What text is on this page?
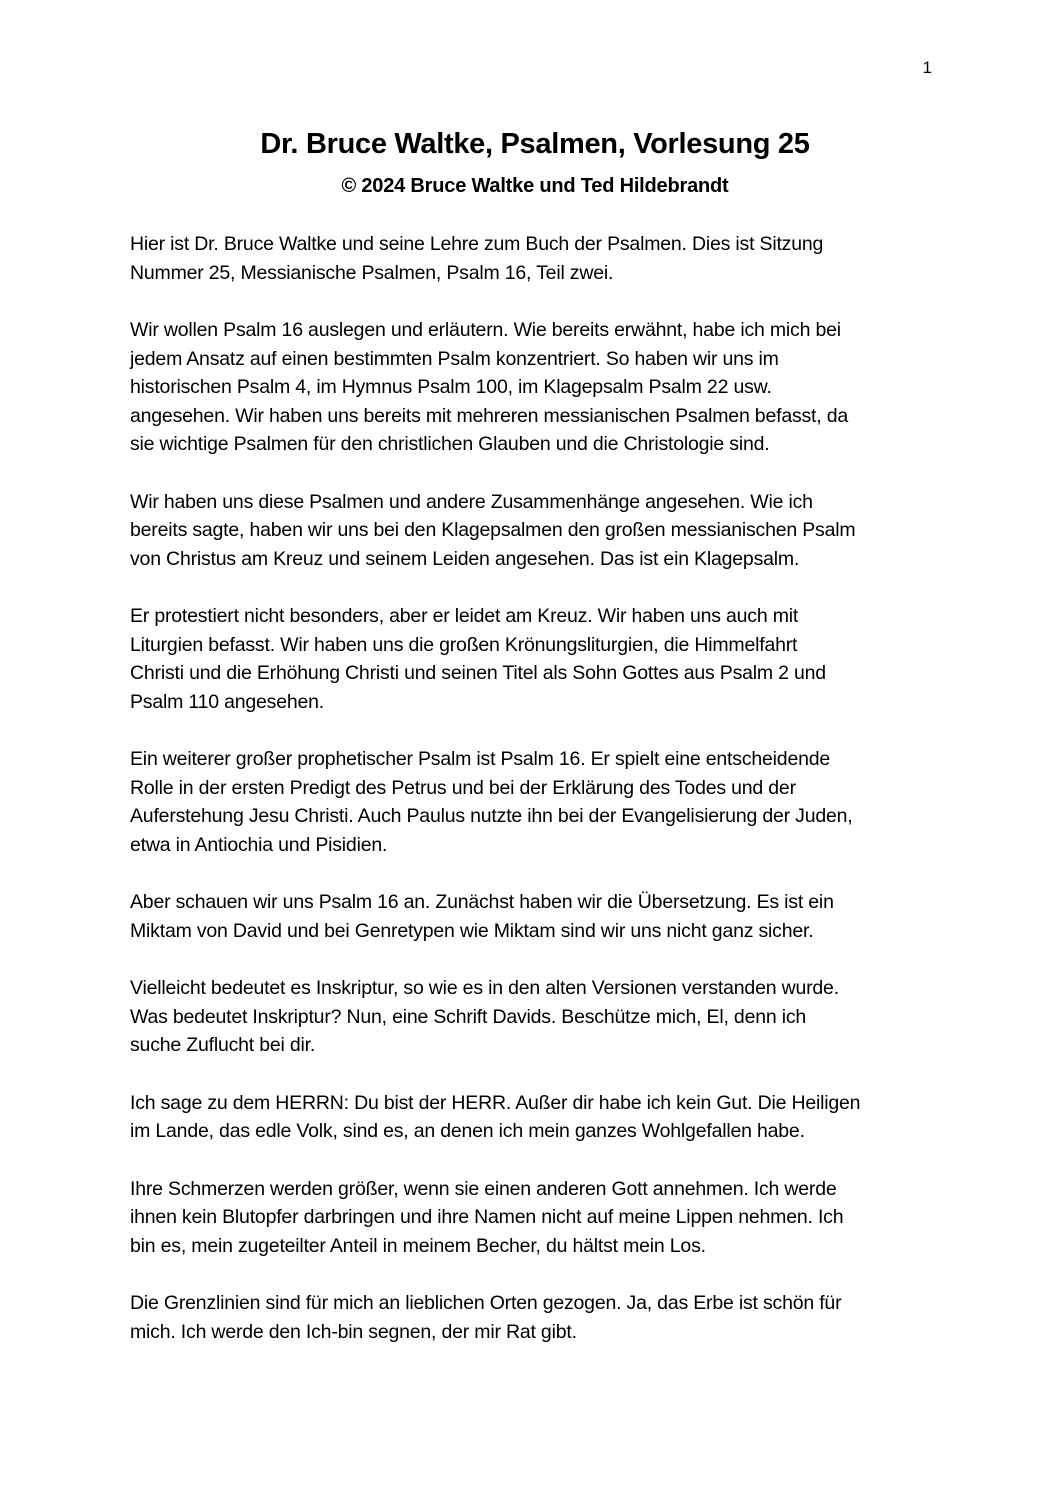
1
Dr. Bruce Waltke, Psalmen, Vorlesung 25
© 2024 Bruce Waltke und Ted Hildebrandt

Hier ist Dr. Bruce Waltke und seine Lehre zum Buch der Psalmen. Dies ist Sitzung
Nummer 25, Messianische Psalmen, Psalm 16, Teil zwei.

Wir wollen Psalm 16 auslegen und erläutern. Wie bereits erwähnt, habe ich mich bei
jedem Ansatz auf einen bestimmten Psalm konzentriert. So haben wir uns im
historischen Psalm 4, im Hymnus Psalm 100, im Klagepsalm Psalm 22 usw.
angesehen. Wir haben uns bereits mit mehreren messianischen Psalmen befasst, da
sie wichtige Psalmen für den christlichen Glauben und die Christologie sind.

Wir haben uns diese Psalmen und andere Zusammenhänge angesehen. Wie ich
bereits sagte, haben wir uns bei den Klagepsalmen den großen messianischen Psalm
von Christus am Kreuz und seinem Leiden angesehen. Das ist ein Klagepsalm.

Er protestiert nicht besonders, aber er leidet am Kreuz. Wir haben uns auch mit
Liturgien befasst. Wir haben uns die großen Krönungsliturgien, die Himmelfahrt
Christi und die Erhöhung Christi und seinen Titel als Sohn Gottes aus Psalm 2 und
Psalm 110 angesehen.

Ein weiterer großer prophetischer Psalm ist Psalm 16. Er spielt eine entscheidende
Rolle in der ersten Predigt des Petrus und bei der Erklärung des Todes und der
Auferstehung Jesu Christi. Auch Paulus nutzte ihn bei der Evangelisierung der Juden,
etwa in Antiochia und Pisidien.

Aber schauen wir uns Psalm 16 an. Zunächst haben wir die Übersetzung. Es ist ein
Miktam von David und bei Genretypen wie Miktam sind wir uns nicht ganz sicher.

Vielleicht bedeutet es Inskriptur, so wie es in den alten Versionen verstanden wurde.
Was bedeutet Inskriptur? Nun, eine Schrift Davids. Beschütze mich, El, denn ich
suche Zuflucht bei dir.

Ich sage zu dem HERRN: Du bist der HERR. Außer dir habe ich kein Gut. Die Heiligen
im Lande, das edle Volk, sind es, an denen ich mein ganzes Wohlgefallen habe.

Ihre Schmerzen werden größer, wenn sie einen anderen Gott annehmen. Ich werde
ihnen kein Blutopfer darbringen und ihre Namen nicht auf meine Lippen nehmen. Ich
bin es, mein zugeteilter Anteil in meinem Becher, du hältst mein Los.

Die Grenzlinien sind für mich an lieblichen Orten gezogen. Ja, das Erbe ist schön für
mich. Ich werde den Ich-bin segnen, der mir Rat gibt.
